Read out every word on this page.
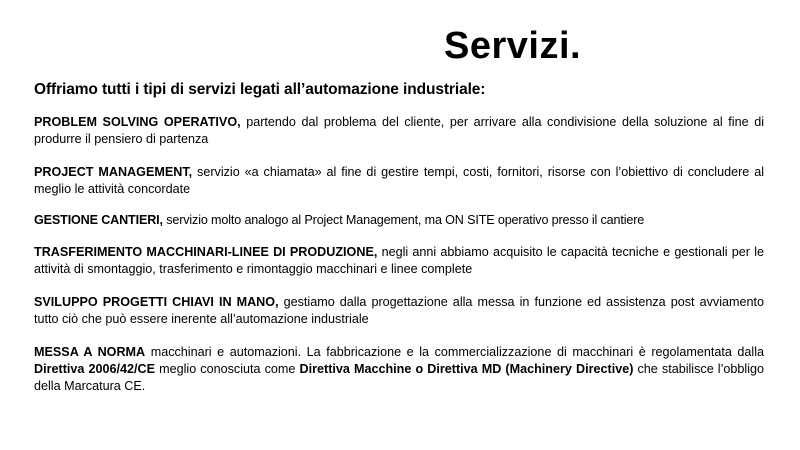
Servizi.

Offriamo tutti i tipi di servizi legati all’automazione industriale:

PROBLEM SOLVING OPERATIVO, partendo dal problema del cliente, per arrivare alla condivisione della soluzione al fine di produrre il pensiero di partenza

PROJECT MANAGEMENT, servizio «a chiamata» al fine di gestire tempi, costi, fornitori, risorse con l’obiettivo di concludere al meglio le attività concordate

GESTIONE CANTIERI, servizio molto analogo al Project Management, ma ON SITE operativo presso il cantiere

TRASFERIMENTO MACCHINARI-LINEE DI PRODUZIONE, negli anni abbiamo acquisito le capacità tecniche e gestionali per le attività di smontaggio, trasferimento e rimontaggio macchinari e linee complete

SVILUPPO PROGETTI CHIAVI IN MANO, gestiamo dalla progettazione alla messa in funzione ed assistenza post avviamento tutto ciò che può essere inerente all’automazione industriale

MESSA A NORMA macchinari e automazioni. La fabbricazione e la commercializzazione di macchinari è regolamentata dalla Direttiva 2006/42/CE meglio conosciuta come Direttiva Macchine o Direttiva MD (Machinery Directive) che stabilisce l’obbligo della Marcatura CE.
